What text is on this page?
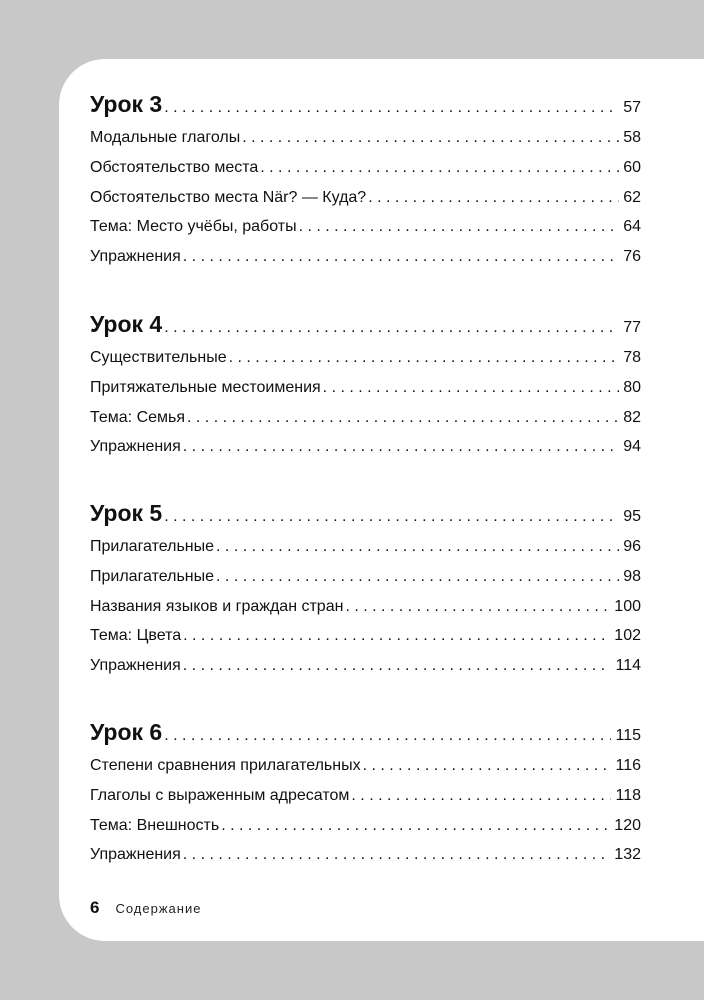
Урок 3 . . .	57
Модальные глаголы . . .	58
Обстоятельство места . . .	60
Обстоятельство места När? — Куда? . . .	62
Тема: Место учёбы, работы . . .	64
Упражнения . . .	76
Урок 4 . . .	77
Существительные . . .	78
Притяжательные местоимения . . .	80
Тема: Семья . . .	82
Упражнения . . .	94
Урок 5 . . .	95
Прилагательные . . .	96
Прилагательные . . .	98
Названия языков и граждан стран . . .	100
Тема: Цвета . . .	102
Упражнения . . .	114
Урок 6 . . .	115
Степени сравнения прилагательных . . .	116
Глаголы с выраженным адресатом . . .	118
Тема: Внешность . . .	120
Упражнения . . .	132
6 Содержание
